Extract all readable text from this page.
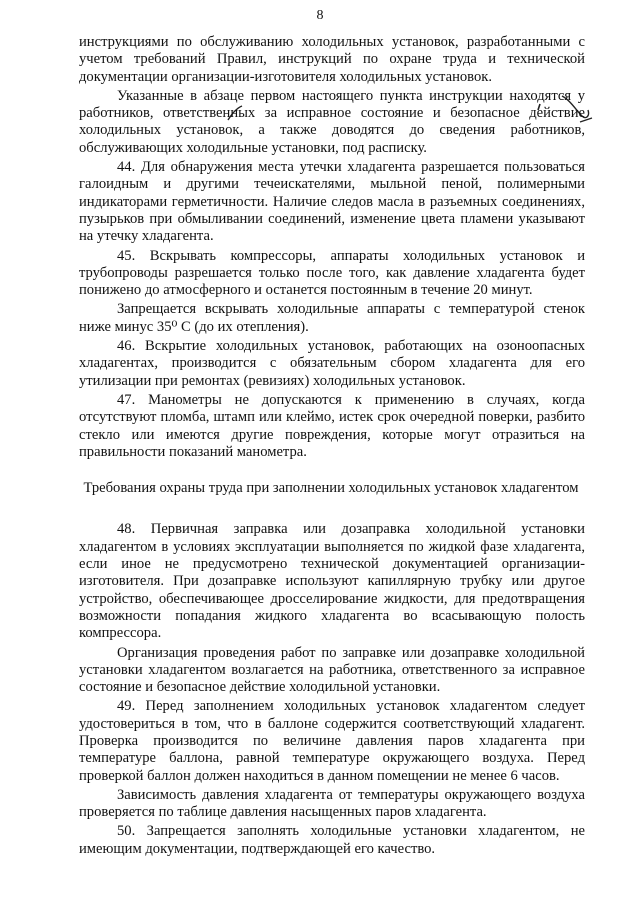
8

инструкциями по обслуживанию холодильных установок, разработанными с учетом требований Правил, инструкций по охране труда и технической документации организации-изготовителя холодильных установок.

Указанные в абзаце первом настоящего пункта инструкции находятся у работников, ответственных за исправное состояние и безопасное действие холодильных установок, а также доводятся до сведения работников, обслуживающих холодильные установки, под расписку.

44. Для обнаружения места утечки хладагента разрешается пользоваться галоидным и другими течеискателями, мыльной пеной, полимерными индикаторами герметичности. Наличие следов масла в разъемных соединениях, пузырьков при обмыливании соединений, изменение цвета пламени указывают на утечку хладагента.

45. Вскрывать компрессоры, аппараты холодильных установок и трубопроводы разрешается только после того, как давление хладагента будет понижено до атмосферного и останется постоянным в течение 20 минут.

Запрещается вскрывать холодильные аппараты с температурой стенок ниже минус 35⁰ С (до их отепления).

46. Вскрытие холодильных установок, работающих на озоноопасных хладагентах, производится с обязательным сбором хладагента для его утилизации при ремонтах (ревизиях) холодильных установок.

47. Манометры не допускаются к применению в случаях, когда отсутствуют пломба, штамп или клеймо, истек срок очередной поверки, разбито стекло или имеются другие повреждения, которые могут отразиться на правильности показаний манометра.

Требования охраны труда при заполнении холодильных установок хладагентом

48. Первичная заправка или дозаправка холодильной установки хладагентом в условиях эксплуатации выполняется по жидкой фазе хладагента, если иное не предусмотрено технической документацией организации-изготовителя. При дозаправке используют капиллярную трубку или другое устройство, обеспечивающее дросселирование жидкости, для предотвращения возможности попадания жидкого хладагента во всасывающую полость компрессора.

Организация проведения работ по заправке или дозаправке холодильной установки хладагентом возлагается на работника, ответственного за исправное состояние и безопасное действие холодильной установки.

49. Перед заполнением холодильных установок хладагентом следует удостовериться в том, что в баллоне содержится соответствующий хладагент. Проверка производится по величине давления паров хладагента при температуре баллона, равной температуре окружающего воздуха. Перед проверкой баллон должен находиться в данном помещении не менее 6 часов.

Зависимость давления хладагента от температуры окружающего воздуха проверяется по таблице давления насыщенных паров хладагента.

50. Запрещается заполнять холодильные установки хладагентом, не имеющим документации, подтверждающей его качество.
